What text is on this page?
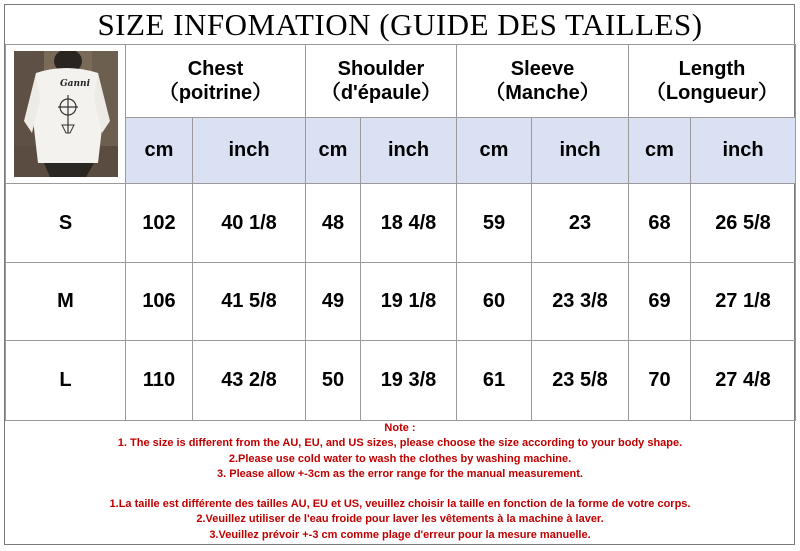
SIZE INFOMATION (GUIDE DES TAILLES)
Ganni	Chest
（poitrine）		Shoulder
（d'épaule）		Sleeve
（Manche）		Length
（Longueur）	
	cm	inch	cm	inch	cm	inch	cm	inch
S	102	40 1/8	48	18 4/8	59	23	68	26 5/8
M	106	41 5/8	49	19 1/8	60	23 3/8	69	27 1/8
L	110	43 2/8	50	19 3/8	61	23 5/8	70	27 4/8
Note :
1. The size is different from the AU, EU, and US sizes, please choose the size according to your body shape.
2.Please use cold water to wash the clothes by washing machine.
3. Please allow +-3cm as the error range for the manual measurement.
1.La taille est différente des tailles AU, EU et US, veuillez choisir la taille en fonction de la forme de votre corps.
2.Veuillez utiliser de l'eau froide pour laver les vêtements à la machine à laver.
3.Veuillez prévoir +-3 cm comme plage d'erreur pour la mesure manuelle.
